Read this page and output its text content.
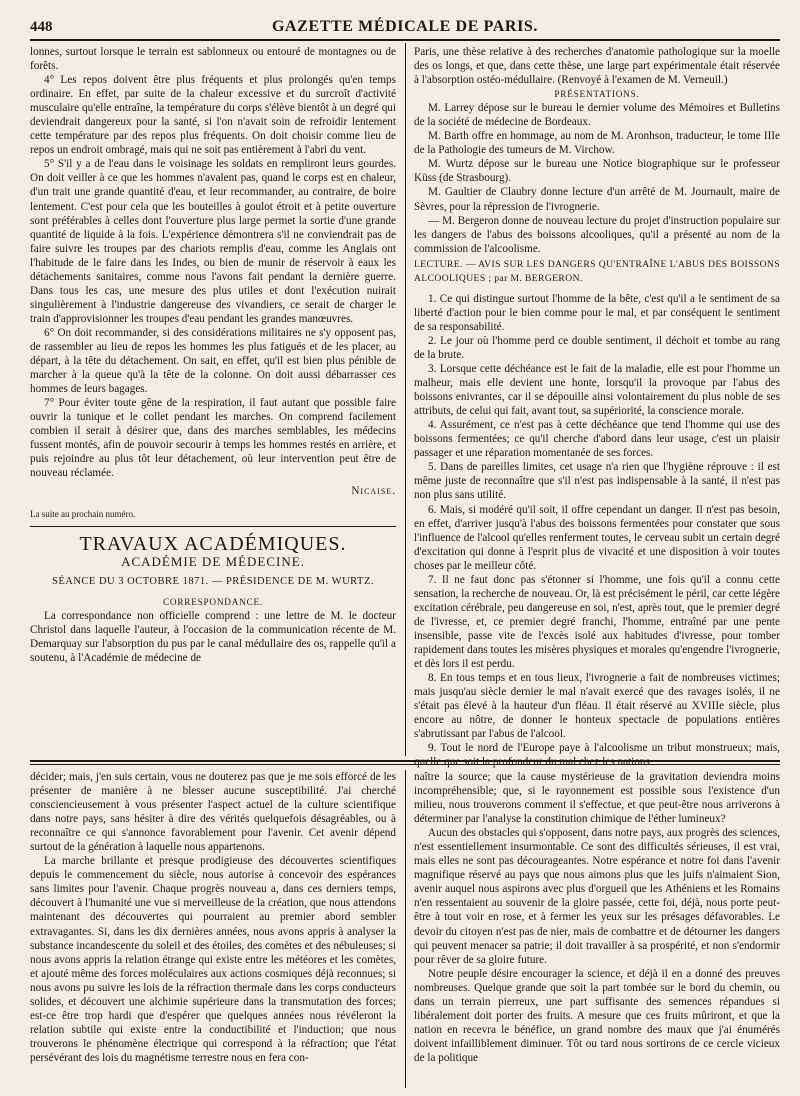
448	GAZETTE MÉDICALE DE PARIS.

lonnes, surtout lorsque le terrain est sablonneux ou entouré de montagnes ou de forêts.

4° Les repos doivent être plus fréquents et plus prolongés qu'en temps ordinaire. En effet, par suite de la chaleur excessive et du surcroît d'activité musculaire qu'elle entraîne, la température du corps s'élève bientôt à un degré qui deviendrait dangereux pour la santé, si l'on n'avait soin de refroidir lentement cette température par des repos plus fréquents. On doit choisir comme lieu de repos un endroit ombragé, mais qui ne soit pas entièrement à l'abri du vent.

5° S'il y a de l'eau dans le voisinage les soldats en rempliront leurs gourdes. On doit veiller à ce que les hommes n'avalent pas, quand le corps est en chaleur, d'un trait une grande quantité d'eau, et leur recommander, au contraire, de boire lentement. C'est pour cela que les bouteilles à goulot étroit et à petite ouverture sont préférables à celles dont l'ouverture plus large permet la sortie d'une grande quantité de liquide à la fois. L'expérience démontrera s'il ne conviendrait pas de faire suivre les troupes par des chariots remplis d'eau, comme les Anglais ont l'habitude de le faire dans les Indes, ou bien de munir de réservoir à eaux les détachements sanitaires, comme nous l'avons fait pendant la dernière guerre. Dans tous les cas, une mesure des plus utiles et dont l'exécution nuirait singulièrement à l'industrie dangereuse des vivandiers, ce serait de charger le train d'approvisionner les troupes d'eau pendant les grandes manœuvres.

6° On doit recommander, si des considérations militaires ne s'y opposent pas, de rassembler au lieu de repos les hommes les plus fatigués et de les placer, au départ, à la tête du détachement. On sait, en effet, qu'il est bien plus pénible de marcher à la queue qu'à la tête de la colonne. On doit aussi débarrasser ces hommes de leurs bagages.

7° Pour éviter toute gêne de la respiration, il faut autant que possible faire ouvrir la tunique et le collet pendant les marches. On comprend facilement combien il serait à désirer que, dans des marches semblables, les médecins fussent montés, afin de pouvoir secourir à temps les hommes restés en arrière, et puis rejoindre au plus tôt leur détachement, où leur intervention peut être de nouveau réclamée.

Nicaise.

La suite au prochain numéro.

TRAVAUX ACADÉMIQUES.

ACADÉMIE DE MÉDECINE.

SÉANCE DU 3 OCTOBRE 1871. — PRÉSIDENCE DE M. WURTZ.

CORRESPONDANCE.

La correspondance non officielle comprend : une lettre de M. le docteur Christol dans laquelle l'auteur, à l'occasion de la communication récente de M. Demarquay sur l'absorption du pus par le canal médullaire des os, rappelle qu'il a soutenu, à l'Académie de médecine de

Paris, une thèse relative à des recherches d'anatomie pathologique sur la moelle des os longs, et que, dans cette thèse, une large part expérimentale était réservée à l'absorption ostéo-médullaire. (Renvoyé à l'examen de M. Verneuil.)

PRÉSENTATIONS.

M. Larrey dépose sur le bureau le dernier volume des Mémoires et Bulletins de la société de médecine de Bordeaux.

M. Barth offre en hommage, au nom de M. Aronhson, traducteur, le tome IIIe de la Pathologie des tumeurs de M. Virchow.

M. Wurtz dépose sur le bureau une Notice biographique sur le professeur Küss (de Strasbourg).

M. Gaultier de Claubry donne lecture d'un arrêté de M. Journault, maire de Sèvres, pour la répression de l'ivrognerie.

— M. Bergeron donne de nouveau lecture du projet d'instruction populaire sur les dangers de l'abus des boissons alcooliques, qu'il a présenté au nom de la commission de l'alcoolisme.

LECTURE. — AVIS SUR LES DANGERS QU'ENTRAÎNE L'ABUS DES BOISSONS ALCOOLIQUES ; par M. BERGERON.

1. Ce qui distingue surtout l'homme de la bête, c'est qu'il a le sentiment de sa liberté d'action pour le bien comme pour le mal, et par conséquent le sentiment de sa responsabilité.

2. Le jour où l'homme perd ce double sentiment, il déchoit et tombe au rang de la brute.

3. Lorsque cette déchéance est le fait de la maladie, elle est pour l'homme un malheur, mais elle devient une honte, lorsqu'il la provoque par l'abus des boissons enivrantes, car il se dépouille ainsi volontairement du plus noble de ses attributs, de celui qui fait, avant tout, sa supériorité, la conscience morale.

4. Assurément, ce n'est pas à cette déchéance que tend l'homme qui use des boissons fermentées; ce qu'il cherche d'abord dans leur usage, c'est un plaisir passager et une réparation momentanée de ses forces.

5. Dans de pareilles limites, cet usage n'a rien que l'hygiène réprouve : il est même juste de reconnaître que s'il n'est pas indispensable à la santé, il n'est pas non plus sans utilité.

6. Mais, si modéré qu'il soit, il offre cependant un danger. Il n'est pas besoin, en effet, d'arriver jusqu'à l'abus des boissons fermentées pour constater que sous l'influence de l'alcool qu'elles renferment toutes, le cerveau subit un certain degré d'excitation qui donne à l'esprit plus de vivacité et une disposition à voir toutes choses par le meilleur côté.

7. Il ne faut donc pas s'étonner si l'homme, une fois qu'il a connu cette sensation, la recherche de nouveau. Or, là est précisément le péril, car cette légère excitation cérébrale, peu dangereuse en soi, n'est, après tout, que le premier degré de l'ivresse, et, ce premier degré franchi, l'homme, entraîné par une pente insensible, passe vite de l'excès isolé aux habitudes d'ivresse, pour tomber rapidement dans toutes les misères physiques et morales qu'engendre l'ivrognerie, et dès lors il est perdu.

8. En tous temps et en tous lieux, l'ivrognerie a fait de nombreuses victimes; mais jusqu'au siècle dernier le mal n'avait exercé que des ravages isolés, il ne s'était pas élevé à la hauteur d'un fléau. Il était réservé au XVIIIe siècle, plus encore au nôtre, de donner le honteux spectacle de populations entières s'abrutissant par l'abus de l'alcool.

9. Tout le nord de l'Europe paye à l'alcoolisme un tribut monstrueux; mais, quelle que soit la profondeur du mal chez les nations

décider; mais, j'en suis certain, vous ne douterez pas que je me sois efforcé de les présenter de manière à ne blesser aucune susceptibilité. J'ai cherché consciencieusement à vous présenter l'aspect actuel de la culture scientifique dans notre pays, sans hésiter à dire des vérités quelquefois désagréables, ou à reconnaître ce qui s'annonce favorablement pour l'avenir. Cet avenir dépend surtout de la génération à laquelle nous appartenons.

La marche brillante et presque prodigieuse des découvertes scientifiques depuis le commencement du siècle, nous autorise à concevoir des espérances sans limites pour l'avenir. Chaque progrès nouveau a, dans ces derniers temps, découvert à l'humanité une vue si merveilleuse de la création, que nous attendons maintenant des découvertes qui pourraient au premier abord sembler extravagantes. Si, dans les dix dernières années, nous avons appris à analyser la substance incandescente du soleil et des étoiles, des comètes et des nébuleuses; si nous avons appris la relation étrange qui existe entre les météores et les comètes, et ajouté même des forces moléculaires aux actions cosmiques déjà reconnues; si nous avons pu suivre les lois de la réfraction thermale dans les corps conducteurs solides, et découvert une alchimie supérieure dans la transmutation des forces; est-ce être trop hardi que d'espérer que quelques années nous révéleront la relation subtile qui existe entre la conductibilité et l'induction; que nous trouverons le phénomène électrique qui correspond à la réfraction; que l'état persévérant des lois du magnétisme terrestre nous en fera con-

naître la source; que la cause mystérieuse de la gravitation deviendra moins incompréhensible; que, si le rayonnement est possible sous l'existence d'un milieu, nous trouverons comment il s'effectue, et que peut-être nous arriverons à déterminer par l'analyse la constitution chimique de l'éther lumineux?

Aucun des obstacles qui s'opposent, dans notre pays, aux progrès des sciences, n'est essentiellement insurmontable. Ce sont des difficultés sérieuses, il est vrai, mais elles ne sont pas décourageantes. Notre espérance et notre foi dans l'avenir magnifique réservé au pays que nous aimons plus que les juifs n'aimaient Sion, avenir auquel nous aspirons avec plus d'orgueil que les Athéniens et les Romains n'en ressentaient au souvenir de la gloire passée, cette foi, déjà, nous porte peut-être à tout voir en rose, et à fermer les yeux sur les présages défavorables. Le devoir du citoyen n'est pas de nier, mais de combattre et de détourner les dangers qui peuvent menacer sa patrie; il doit travailler à sa prospérité, et non s'endormir pour rêver de sa gloire future.

Notre peuple désire encourager la science, et déjà il en a donné des preuves nombreuses. Quelque grande que soit la part tombée sur le bord du chemin, ou dans un terrain pierreux, une part suffisante des semences répandues si libéralement doit porter des fruits. A mesure que ces fruits mûriront, et que la nation en recevra le bénéfice, un grand nombre des maux que j'ai énumérés doivent infailliblement diminuer. Tôt ou tard nous sortirons de ce cercle vicieux de la politique
